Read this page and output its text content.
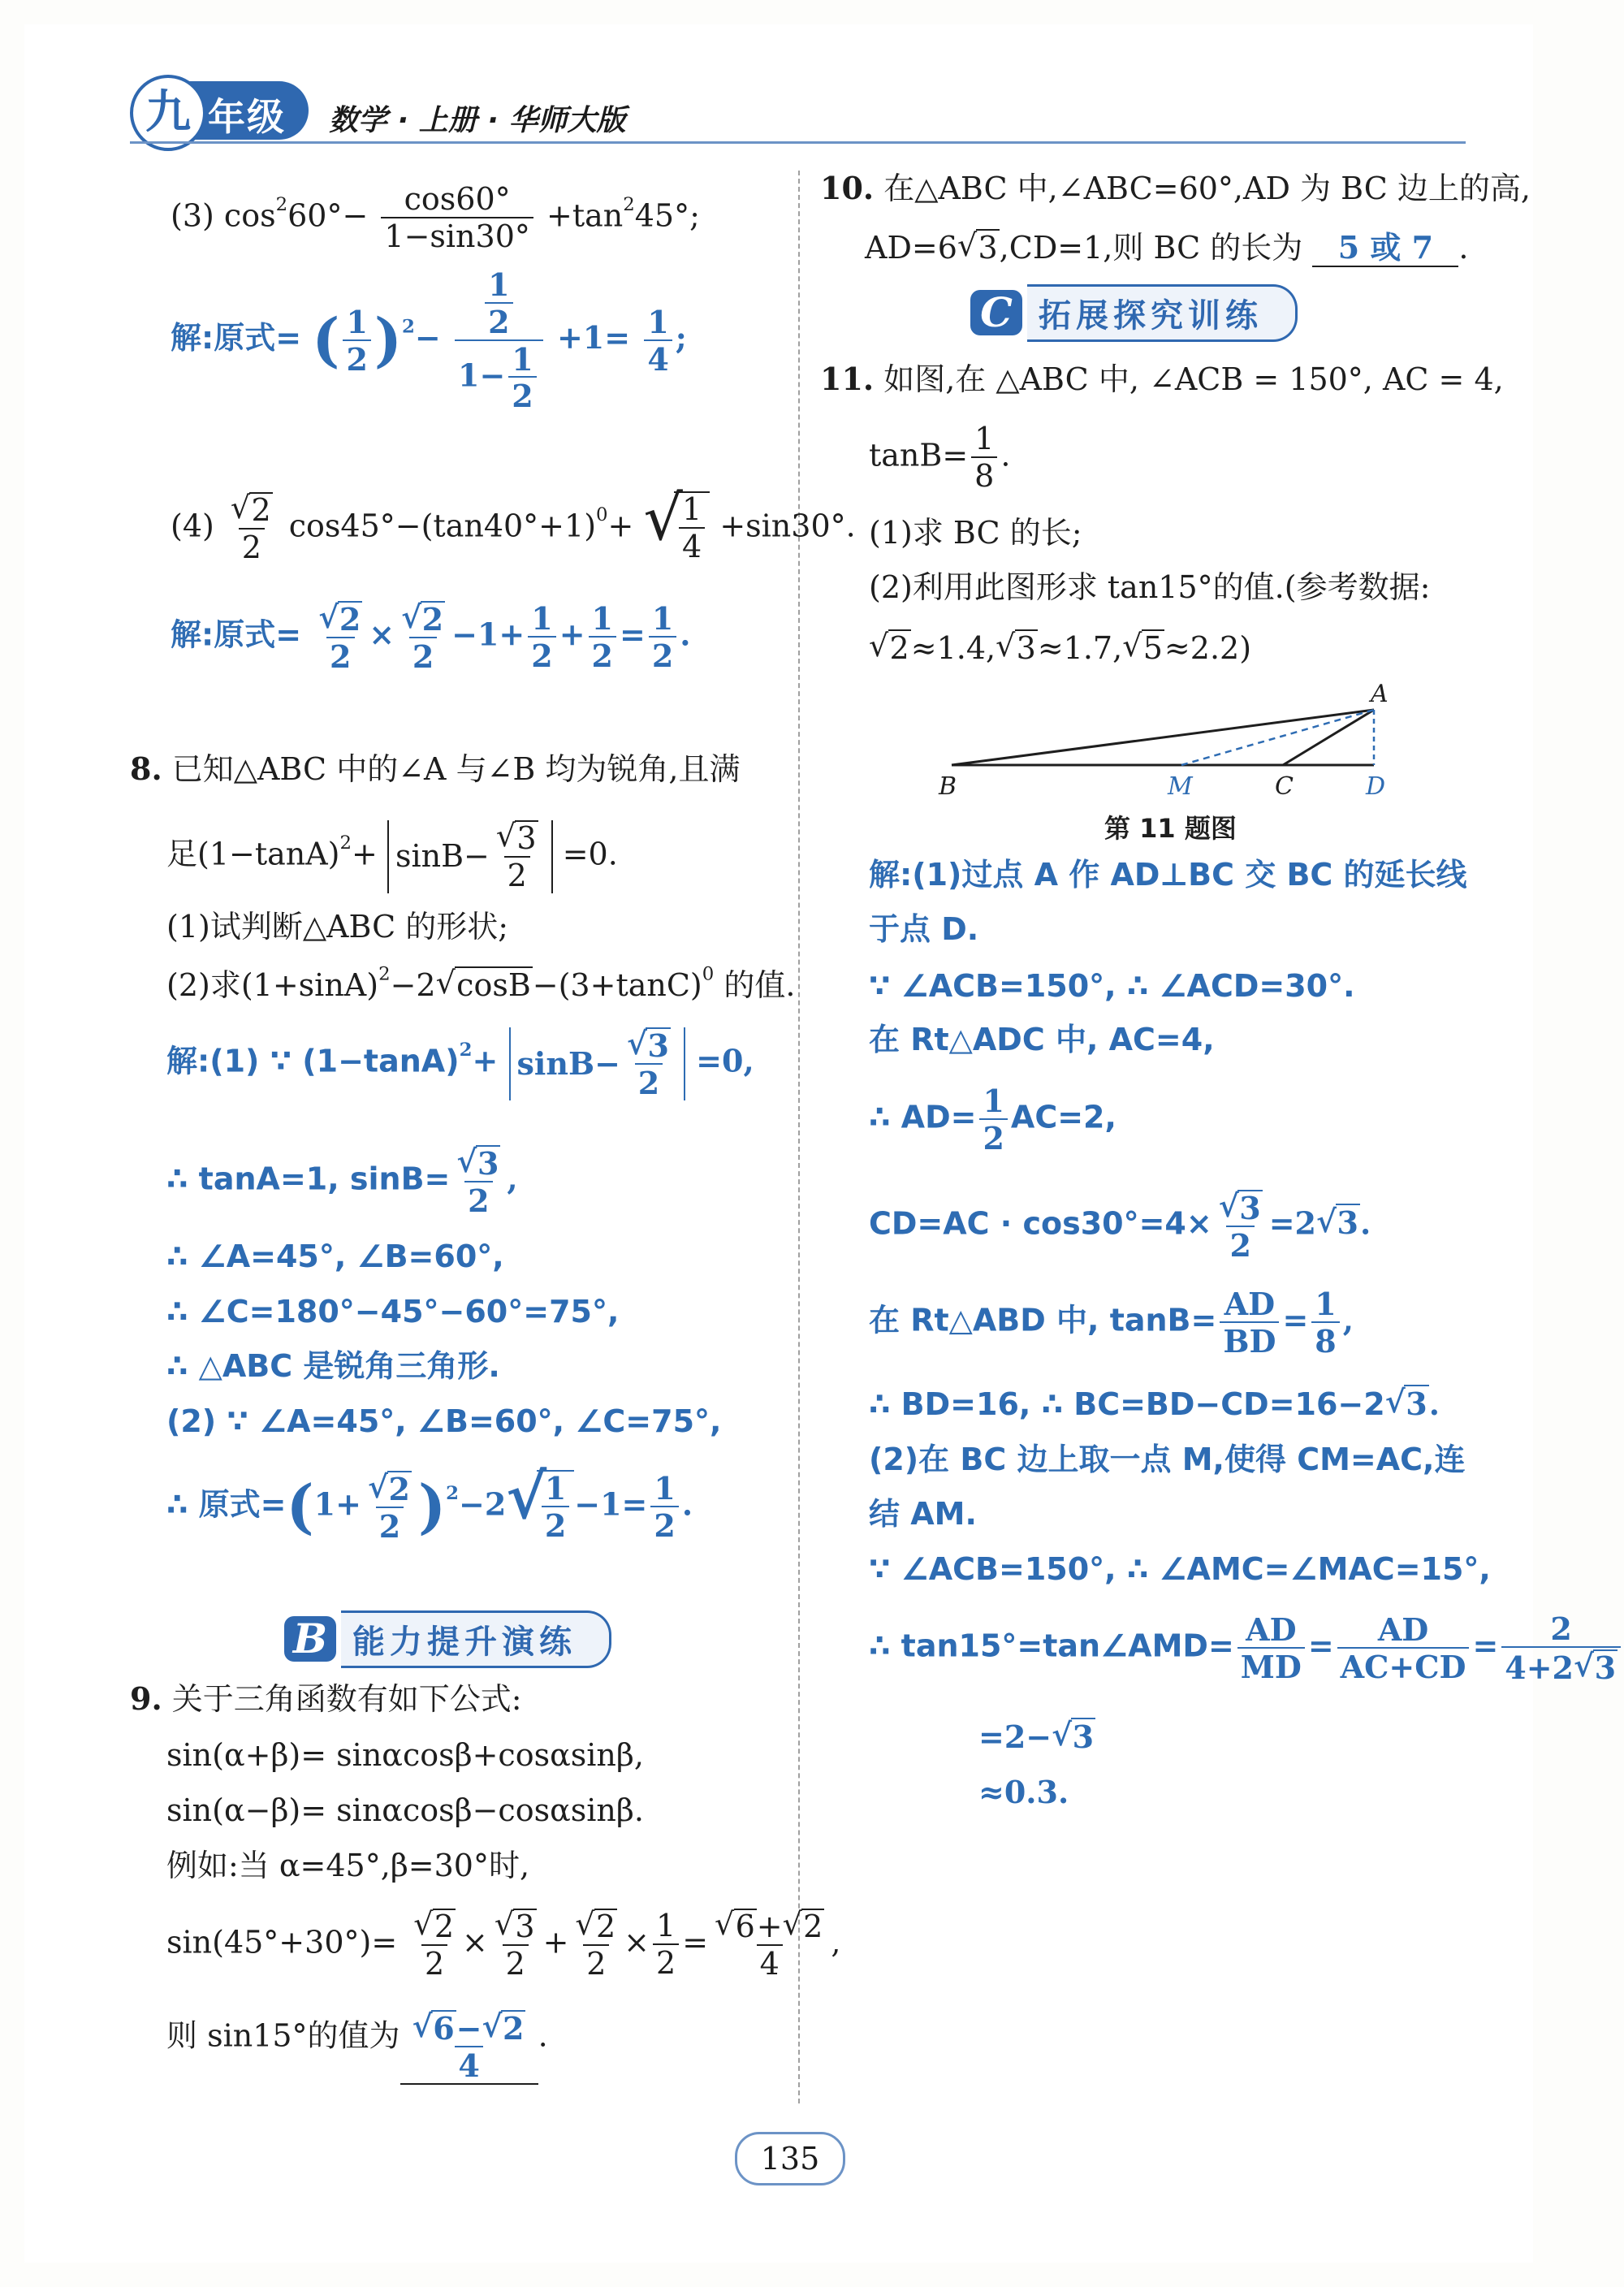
九 年级 数学 · 上册 · 华师大版
(3) $\cos^260^\circ- \frac{\cos 60^\circ}{1-\sin 30^\circ} +\tan^245^\circ$;
解:原式= ( $\frac{1}{2} )^2- \frac{\frac{1}{2}}{1- \frac{1}{2}} +1= \frac{1}{4}$ ;
$(4) \frac{√ 2}{2} \cos 45^\circ-(\tan 40^\circ+1)^0+$ √
$\frac{1}{4} +\sin 30^\circ$.
解:原式= $\frac{√ 2}{2} \times \frac{√ 2}{2} -1+ \frac{1}{2} + \frac{1}{2} = \frac{1}{2}$ .
8. 已知△ABC 中的∠A 与∠B 均为锐角,且满
足$(1-\tan A)^2+ \sin B- \frac{√ 3}{2} =0$.
(1)试判断△ABC 的形状;
(2)求$(1+\sin A)^2-2$ √ $\cos B-(3+\tan C)^0$ 的值.
解:(1) ∵ $(1-\tan A)^2+ \sin B- \frac{√ 3}{2} =0$,
∴ tanA=1, $\sin B= \frac{√ 3}{2}$ ,
∴ ∠A=45°, ∠B=60°,
∴ ∠C=180°−45°−60°=75°,
∴ △ABC 是锐角三角形.
(2) ∵ ∠A=45°, ∠B=60°, ∠C=75°,
∴ 原式$=(1+ \frac{√ 2}{2} )^2-2$ √
$\frac{1}{2} -1= \frac{1}{2}$ .
B 能力提升演练
9. 关于三角函数有如下公式:
sin(α+β)= sinαcosβ+cosαsinβ,
sin(α−β)= sinαcosβ−cosαsinβ.
例如:当 α=45°,β=30°时,
$\sin(45^\circ+30^\circ)= \frac{√ 2}{2} \times \frac{√ 3}{2} + \frac{√ 2}{2} \times \frac{1}{2} = \frac{√ 6+ √ 2}{4}$ ,
则 sin15°的值为 $\frac{√ 6- √ 2}{4}$ .
10. 在△ABC 中,∠ABC=60°,AD 为 BC 边上的高,
AD=6 √ 3,CD=1,则 BC 的长为 5 或 7 .
C 拓展探究训练
11. 如图,在 △ABC 中, ∠ACB = 150°, AC = 4,
$\tan B= \frac{1}{8}$ .
(1)求 BC 的长;
(2)利用此图形求 tan15°的值.(参考数据:
√ 2≈1.4, √ 3≈1.7, √ 5≈2.2)
A
B	M	C	D
第 11 题图
解:(1)过点 A 作 AD⊥BC 交 BC 的延长线
于点 D.
∵ ∠ACB=150°, ∴ ∠ACD=30°.
在 Rt△ADC 中, AC=4,
∴ $AD= \frac{1}{2} AC=2$,
$CD=AC \cdot \cos 30^\circ=4\times \frac{√ 3}{2} =2$ √ 3.
在 Rt△ABD 中, $\tan B= \frac{AD}{BD} = \frac{1}{8}$ ,
∴ BD=16, ∴ BC=BD−CD=16−2 √ 3.
(2)在 BC 边上取一点 M,使得 CM=AC,连
结 AM.
∵ ∠ACB=150°, ∴ ∠AMC=∠MAC=15°,
∴ tan15°=tan∠AMD= $\frac{AD}{MD} = \frac{AD}{AC+CD} = \frac{2}{4+2 √ 3}$
=2− √ 3
≈0.3.
135
